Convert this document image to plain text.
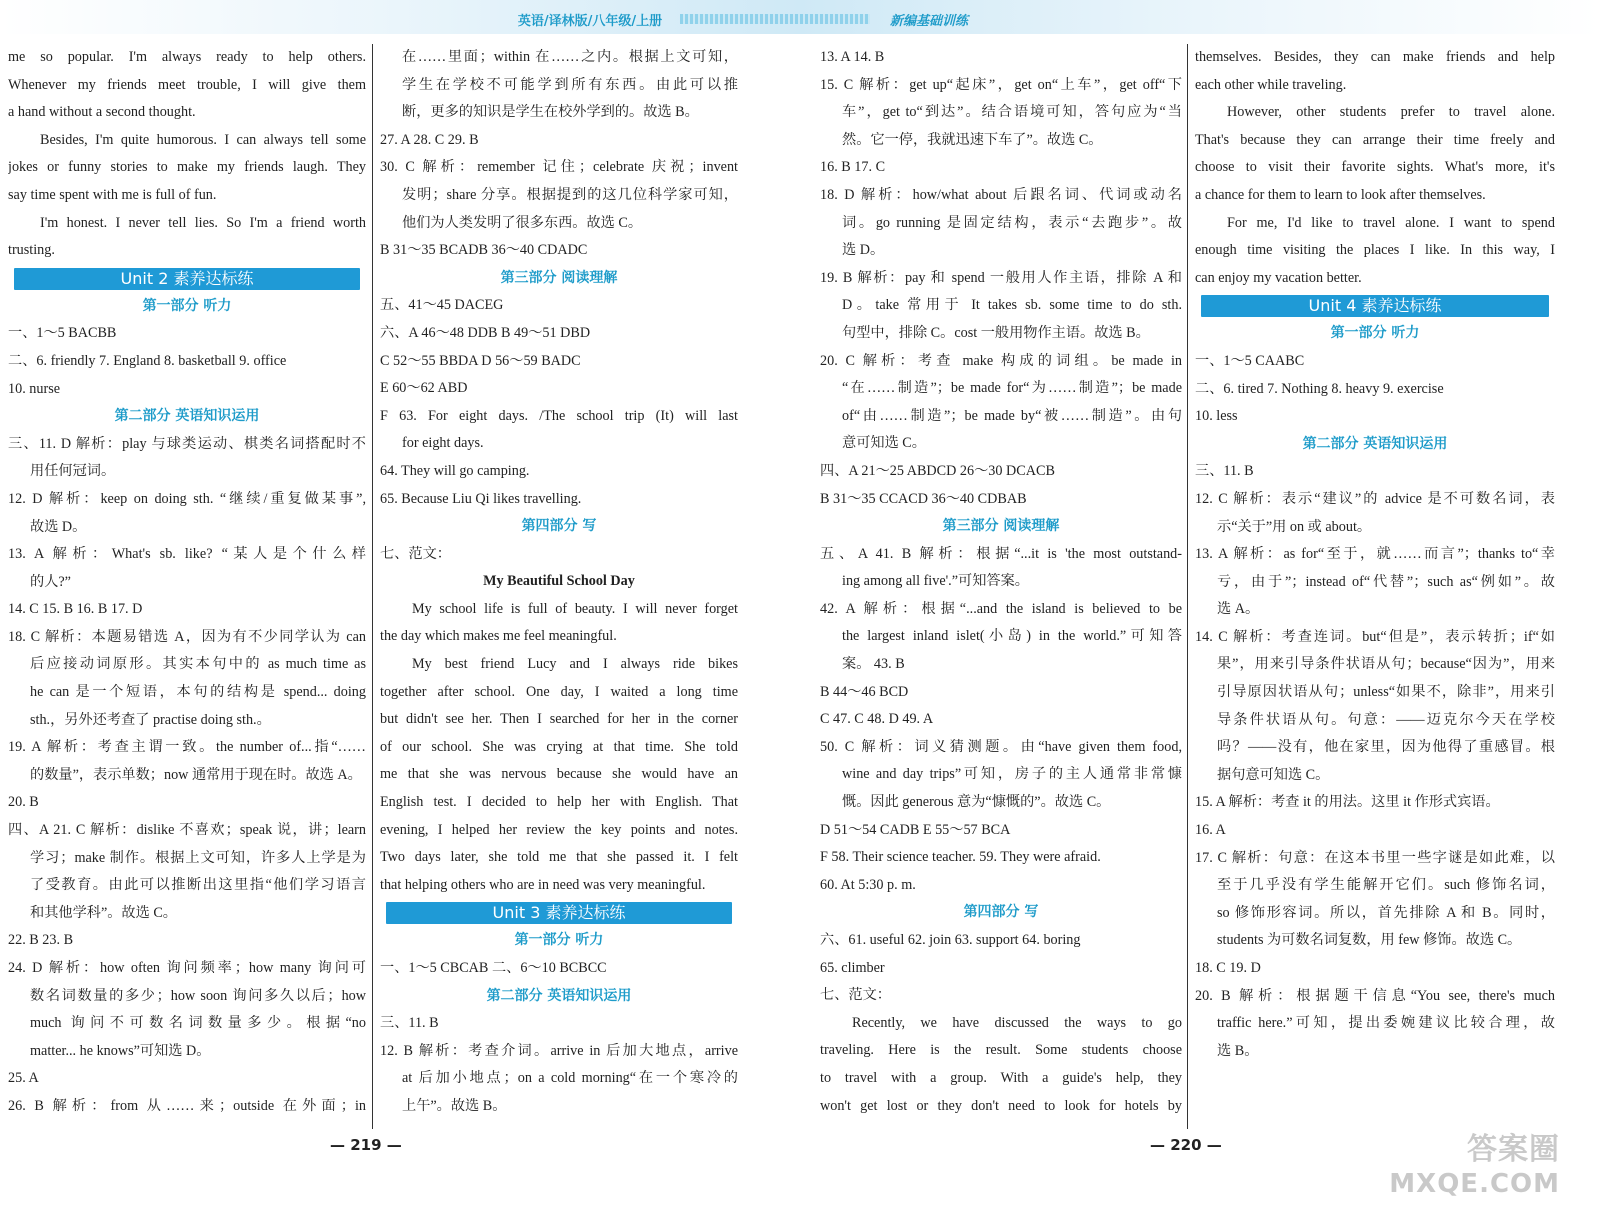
英语/译林版/八年级/上册	新编基础训练
me so popular. I'm always ready to help others.
Whenever my friends meet trouble, I will give them
a hand without a second thought.
Besides, I'm quite humorous. I can always tell some
jokes or funny stories to make my friends laugh. They
say time spent with me is full of fun.
I'm honest. I never tell lies. So I'm a friend worth
trusting.
Unit 2 素养达标练
第一部分 听力
一、1～5 BACBB
二、6. friendly 7. England 8. basketball 9. office
10. nurse
第二部分 英语知识运用
三、11. D 解析：play 与球类运动、棋类名词搭配时不
用任何冠词。
12. D 解析：keep on doing sth. “继续/重复做某事”,
故选 D。
13. A 解析：What's sb. like? “某人是个什么样
的人?”
14. C 15. B 16. B 17. D
18. C 解析：本题易错选 A，因为有不少同学认为 can
后应接动词原形。其实本句中的 as much time as
he can 是一个短语，本句的结构是 spend... doing
sth.，另外还考查了 practise doing sth.。
19. A 解析：考查主谓一致。the number of...指“……
的数量”，表示单数；now 通常用于现在时。故选 A。
20. B
四、A 21. C 解析：dislike 不喜欢；speak 说，讲；learn
学习；make 制作。根据上文可知，许多人上学是为
了受教育。由此可以推断出这里指“他们学习语言
和其他学科”。故选 C。
22. B 23. B
24. D 解析：how often 询问频率；how many 询问可
数名词数量的多少；how soon 询问多久以后；how
much 询问不可数名词数量多少。根据“no
matter... he knows”可知选 D。
25. A
26. B 解析：from 从……来；outside 在外面；in
在……里面；within 在……之内。根据上文可知，
学生在学校不可能学到所有东西。由此可以推
断，更多的知识是学生在校外学到的。故选 B。
27. A 28. C 29. B
30. C 解析：remember 记住；celebrate 庆祝；invent
发明；share 分享。根据提到的这几位科学家可知，
他们为人类发明了很多东西。故选 C。
B 31～35 BCADB 36～40 CDADC
第三部分 阅读理解
五、41～45 DACEG
六、A 46～48 DDB B 49～51 DBD
C 52～55 BBDA D 56～59 BADC
E 60～62 ABD
F 63. For eight days. /The school trip (It) will last
for eight days.
64. They will go camping.
65. Because Liu Qi likes travelling.
第四部分 写
七、范文：
My Beautiful School Day
My school life is full of beauty. I will never forget
the day which makes me feel meaningful.
My best friend Lucy and I always ride bikes
together after school. One day, I waited a long time
but didn't see her. Then I searched for her in the corner
of our school. She was crying at that time. She told
me that she was nervous because she would have an
English test. I decided to help her with English. That
evening, I helped her review the key points and notes.
Two days later, she told me that she passed it. I felt
that helping others who are in need was very meaningful.
Unit 3 素养达标练
第一部分 听力
一、1～5 CBCAB 二、6～10 BCBCC
第二部分 英语知识运用
三、11. B
12. B 解析：考查介词。arrive in 后加大地点，arrive
at 后加小地点；on a cold morning“在一个寒冷的
上午”。故选 B。
13. A 14. B
15. C 解析：get up“起床”，get on“上车”，get off“下
车”，get to“到达”。结合语境可知，答句应为“当
然。它一停，我就迅速下车了”。故选 C。
16. B 17. C
18. D 解析：how/what about 后跟名词、代词或动名
词。go running 是固定结构，表示“去跑步”。故
选 D。
19. B 解析：pay 和 spend 一般用人作主语，排除 A 和
D。take 常用于 It takes sb. some time to do sth.
句型中，排除 C。cost 一般用物作主语。故选 B。
20. C 解析：考查 make 构成的词组。be made in
“在……制造”；be made for“为……制造”；be made
of“由……制造”；be made by“被……制造”。由句
意可知选 C。
四、A 21～25 ABDCD 26～30 DCACB
B 31～35 CCACD 36～40 CDBAB
第三部分 阅读理解
五、A 41. B 解析：根据“...it is 'the most outstand-
ing among all five'.”可知答案。
42. A 解析：根据“...and the island is believed to be
the largest inland islet(小岛) in the world.”可知答
案。 43. B
B 44～46 BCD
C 47. C 48. D 49. A
50. C 解析：词义猜测题。由“have given them food,
wine and day trips”可知，房子的主人通常非常慷
慨。因此 generous 意为“慷慨的”。故选 C。
D 51～54 CADB E 55～57 BCA
F 58. Their science teacher. 59. They were afraid.
60. At 5:30 p. m.
第四部分 写
六、61. useful 62. join 63. support 64. boring
65. climber
七、范文：
Recently, we have discussed the ways to go
traveling. Here is the result. Some students choose
to travel with a group. With a guide's help, they
won't get lost or they don't need to look for hotels by
themselves. Besides, they can make friends and help
each other while traveling.
However, other students prefer to travel alone.
That's because they can arrange their time freely and
choose to visit their favorite sights. What's more, it's
a chance for them to learn to look after themselves.
For me, I'd like to travel alone. I want to spend
enough time visiting the places I like. In this way, I
can enjoy my vacation better.
Unit 4 素养达标练
第一部分 听力
一、1～5 CAABC
二、6. tired 7. Nothing 8. heavy 9. exercise
10. less
第二部分 英语知识运用
三、11. B
12. C 解析：表示“建议”的 advice 是不可数名词，表
示“关于”用 on 或 about。
13. A 解析：as for“至于，就……而言”；thanks to“幸
亏，由于”；instead of“代替”；such as“例如”。故
选 A。
14. C 解析：考查连词。but“但是”，表示转折；if“如
果”，用来引导条件状语从句；because“因为”，用来
引导原因状语从句；unless“如果不，除非”，用来引
导条件状语从句。句意：——迈克尔今天在学校
吗？——没有，他在家里，因为他得了重感冒。根
据句意可知选 C。
15. A 解析：考查 it 的用法。这里 it 作形式宾语。
16. A
17. C 解析：句意：在这本书里一些字谜是如此难，以
至于几乎没有学生能解开它们。such 修饰名词，
so 修饰形容词。所以，首先排除 A 和 B。同时，
students 为可数名词复数，用 few 修饰。故选 C。
18. C 19. D
20. B 解析：根据题干信息“You see, there's much
traffic here.”可知，提出委婉建议比较合理，故
选 B。
— 219 —	— 220 —	答案圈
MXQE.COM
